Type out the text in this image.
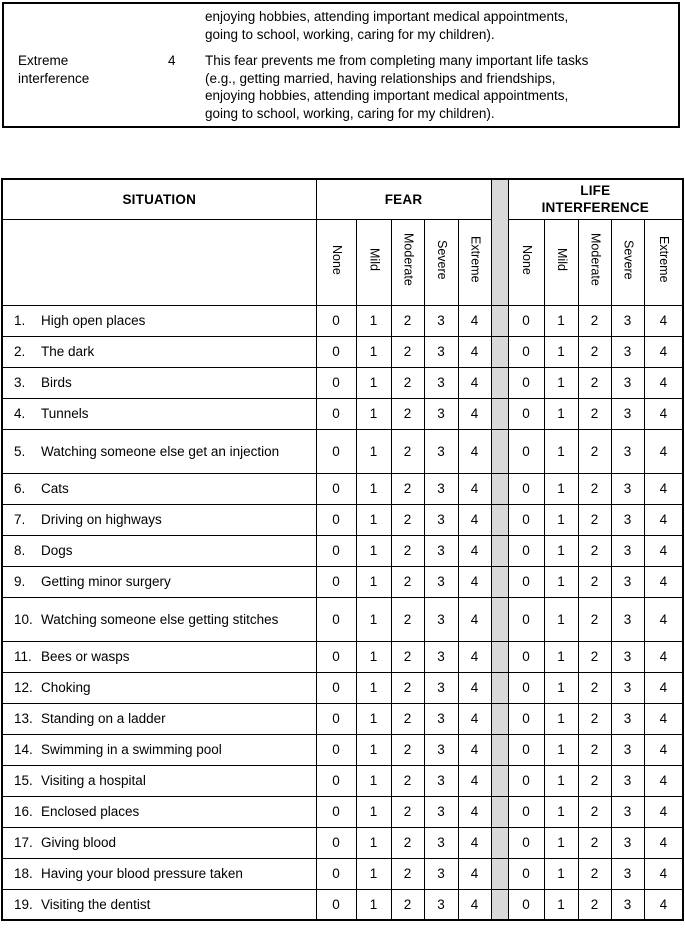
enjoying hobbies, attending important medical appointments,
going to school, working, caring for my children).
Extreme interference
4	This fear prevents me from completing many important life tasks
(e.g., getting married, having relationships and friendships,
enjoying hobbies, attending important medical appointments,
going to school, working, caring for my children).
SITUATION	FEAR						LIFE INTERFERENCE				

	None	Mild	Moderate	Severe	Extreme		None	Mild	Moderate	Severe	Extreme

1. High open places	0	1	2	3	4		0	1	2	3	4

2. The dark	0	1	2	3	4		0	1	2	3	4

3. Birds	0	1	2	3	4		0	1	2	3	4

4. Tunnels	0	1	2	3	4		0	1	2	3	4

5. Watching someone else get an injection	0	1	2	3	4		0	1	2	3	4

6. Cats	0	1	2	3	4		0	1	2	3	4

7. Driving on highways	0	1	2	3	4		0	1	2	3	4

8. Dogs	0	1	2	3	4		0	1	2	3	4

9. Getting minor surgery	0	1	2	3	4		0	1	2	3	4

10. Watching someone else getting stitches	0	1	2	3	4		0	1	2	3	4

11. Bees or wasps	0	1	2	3	4		0	1	2	3	4

12. Choking	0	1	2	3	4		0	1	2	3	4

13. Standing on a ladder	0	1	2	3	4		0	1	2	3	4

14. Swimming in a swimming pool	0	1	2	3	4		0	1	2	3	4

15. Visiting a hospital	0	1	2	3	4		0	1	2	3	4

16. Enclosed places	0	1	2	3	4		0	1	2	3	4

17. Giving blood	0	1	2	3	4		0	1	2	3	4

18. Having your blood pressure taken	0	1	2	3	4		0	1	2	3	4

19. Visiting the dentist	0	1	2	3	4		0	1	2	3	4
